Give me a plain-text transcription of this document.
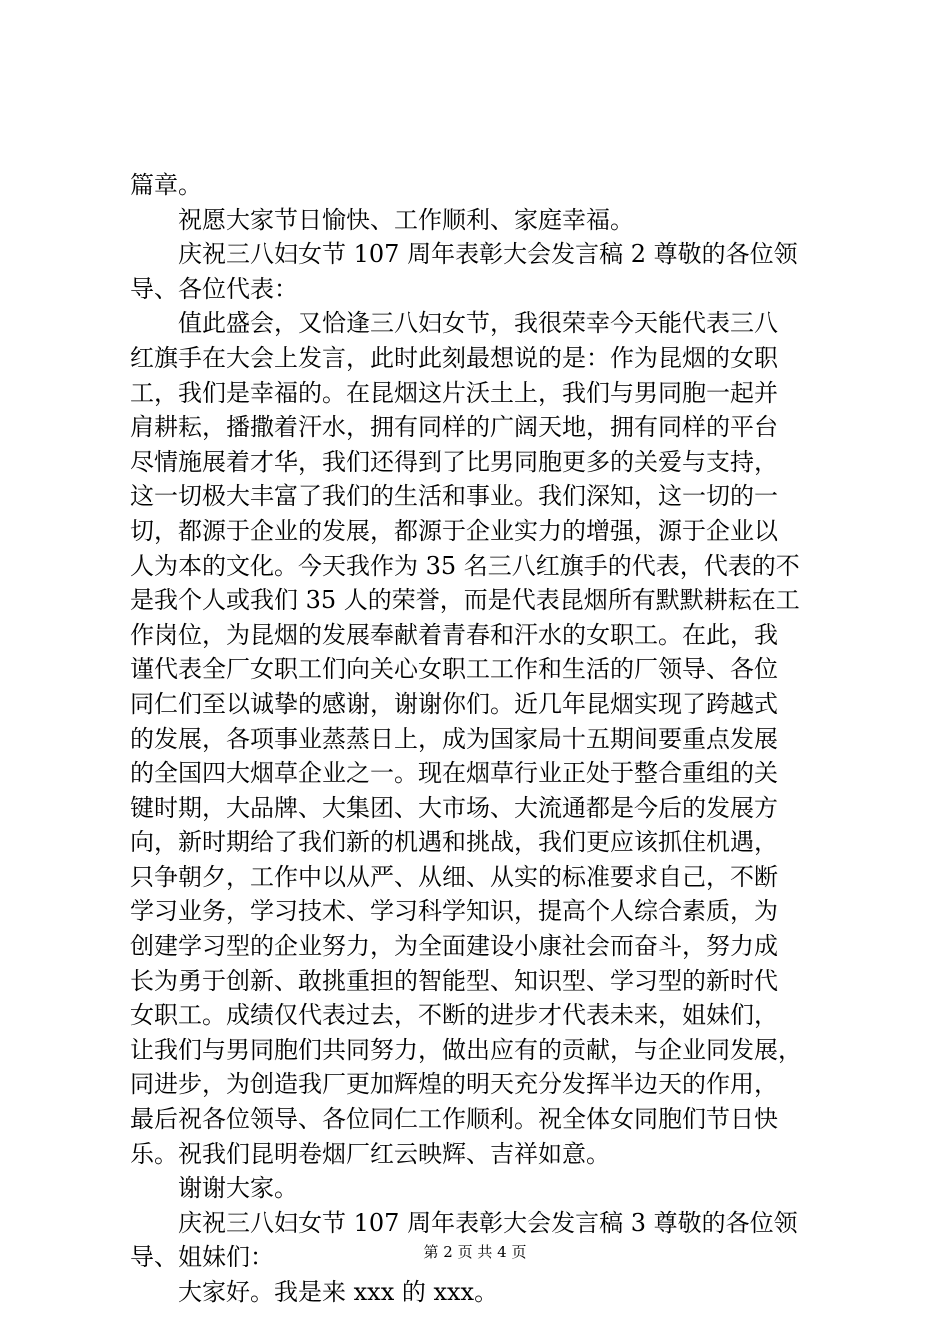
篇章。
祝愿大家节日愉快、工作顺利、家庭幸福。
庆祝三八妇女节 107 周年表彰大会发言稿 2 尊敬的各位领
导、各位代表：
值此盛会，又恰逢三八妇女节，我很荣幸今天能代表三八
红旗手在大会上发言，此时此刻最想说的是：作为昆烟的女职
工，我们是幸福的。在昆烟这片沃土上，我们与男同胞一起并
肩耕耘，播撒着汗水，拥有同样的广阔天地，拥有同样的平台
尽情施展着才华，我们还得到了比男同胞更多的关爱与支持，
这一切极大丰富了我们的生活和事业。我们深知，这一切的一
切，都源于企业的发展，都源于企业实力的增强，源于企业以
人为本的文化。今天我作为 35 名三八红旗手的代表，代表的不
是我个人或我们 35 人的荣誉，而是代表昆烟所有默默耕耘在工
作岗位，为昆烟的发展奉献着青春和汗水的女职工。在此，我
谨代表全厂女职工们向关心女职工工作和生活的厂领导、各位
同仁们至以诚挚的感谢，谢谢你们。近几年昆烟实现了跨越式
的发展，各项事业蒸蒸日上，成为国家局十五期间要重点发展
的全国四大烟草企业之一。现在烟草行业正处于整合重组的关
键时期，大品牌、大集团、大市场、大流通都是今后的发展方
向，新时期给了我们新的机遇和挑战，我们更应该抓住机遇，
只争朝夕，工作中以从严、从细、从实的标准要求自己，不断
学习业务，学习技术、学习科学知识，提高个人综合素质，为
创建学习型的企业努力，为全面建设小康社会而奋斗，努力成
长为勇于创新、敢挑重担的智能型、知识型、学习型的新时代
女职工。成绩仅代表过去，不断的进步才代表未来，姐妹们，
让我们与男同胞们共同努力，做出应有的贡献，与企业同发展，
同进步，为创造我厂更加辉煌的明天充分发挥半边天的作用，
最后祝各位领导、各位同仁工作顺利。祝全体女同胞们节日快
乐。祝我们昆明卷烟厂红云映辉、吉祥如意。
谢谢大家。
庆祝三八妇女节 107 周年表彰大会发言稿 3 尊敬的各位领
导、姐妹们：
大家好。我是来 xxx 的 xxx。
第 2 页 共 4 页
